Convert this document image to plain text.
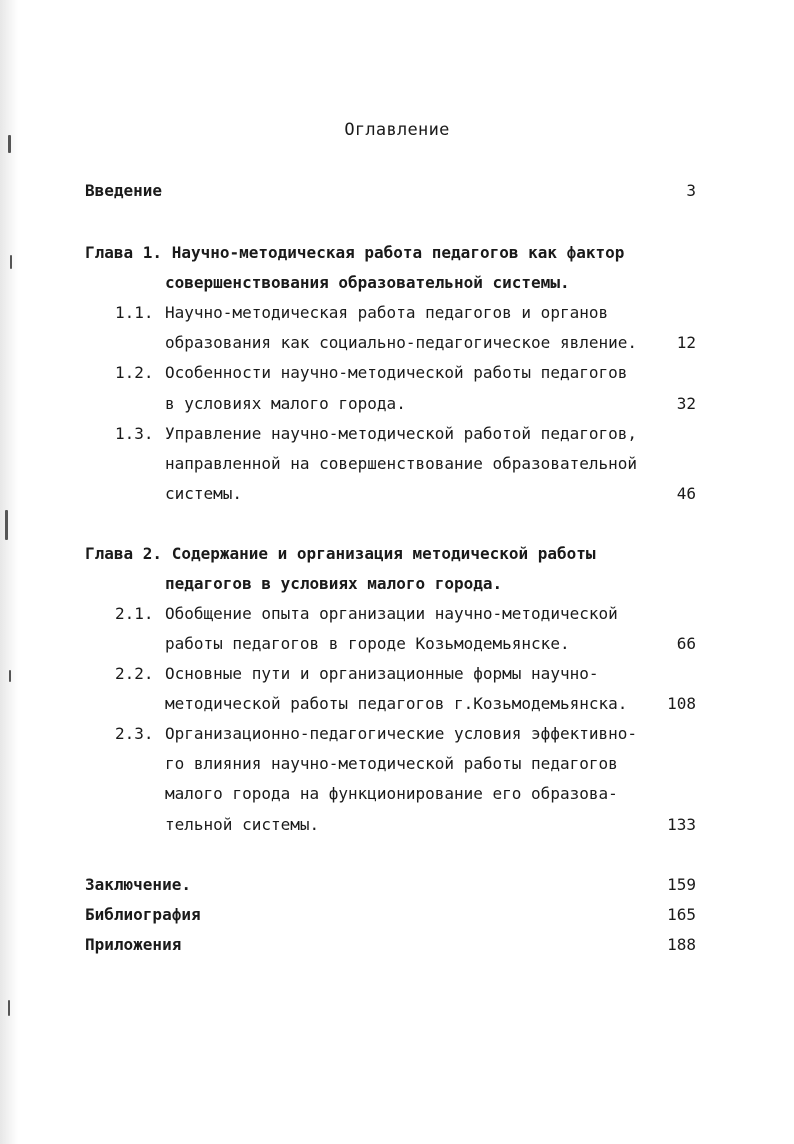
Оглавление
Введение	3
Глава 1. Научно-методическая работа педагогов как фактор
совершенствования образовательной системы.
1.1. Научно-методическая работа педагогов и органов
образования как социально-педагогическое явление.	12
1.2. Особенности научно-методической работы педагогов
в условиях малого города.	32
1.3. Управление научно-методической работой педагогов,
направленной на совершенствование образовательной
системы.	46
Глава 2. Содержание и организация методической работы
педагогов в условиях малого города.
2.1. Обобщение опыта организации научно-методической
работы педагогов в городе Козьмодемьянске.	66
2.2. Основные пути и организационные формы научно-
методической работы педагогов г.Козьмодемьянска.	108
2.3. Организационно-педагогические условия эффективно-
го влияния научно-методической работы педагогов
малого города на функционирование его образова-
тельной системы.	133
Заключение.	159
Библиография	165
Приложения	188
